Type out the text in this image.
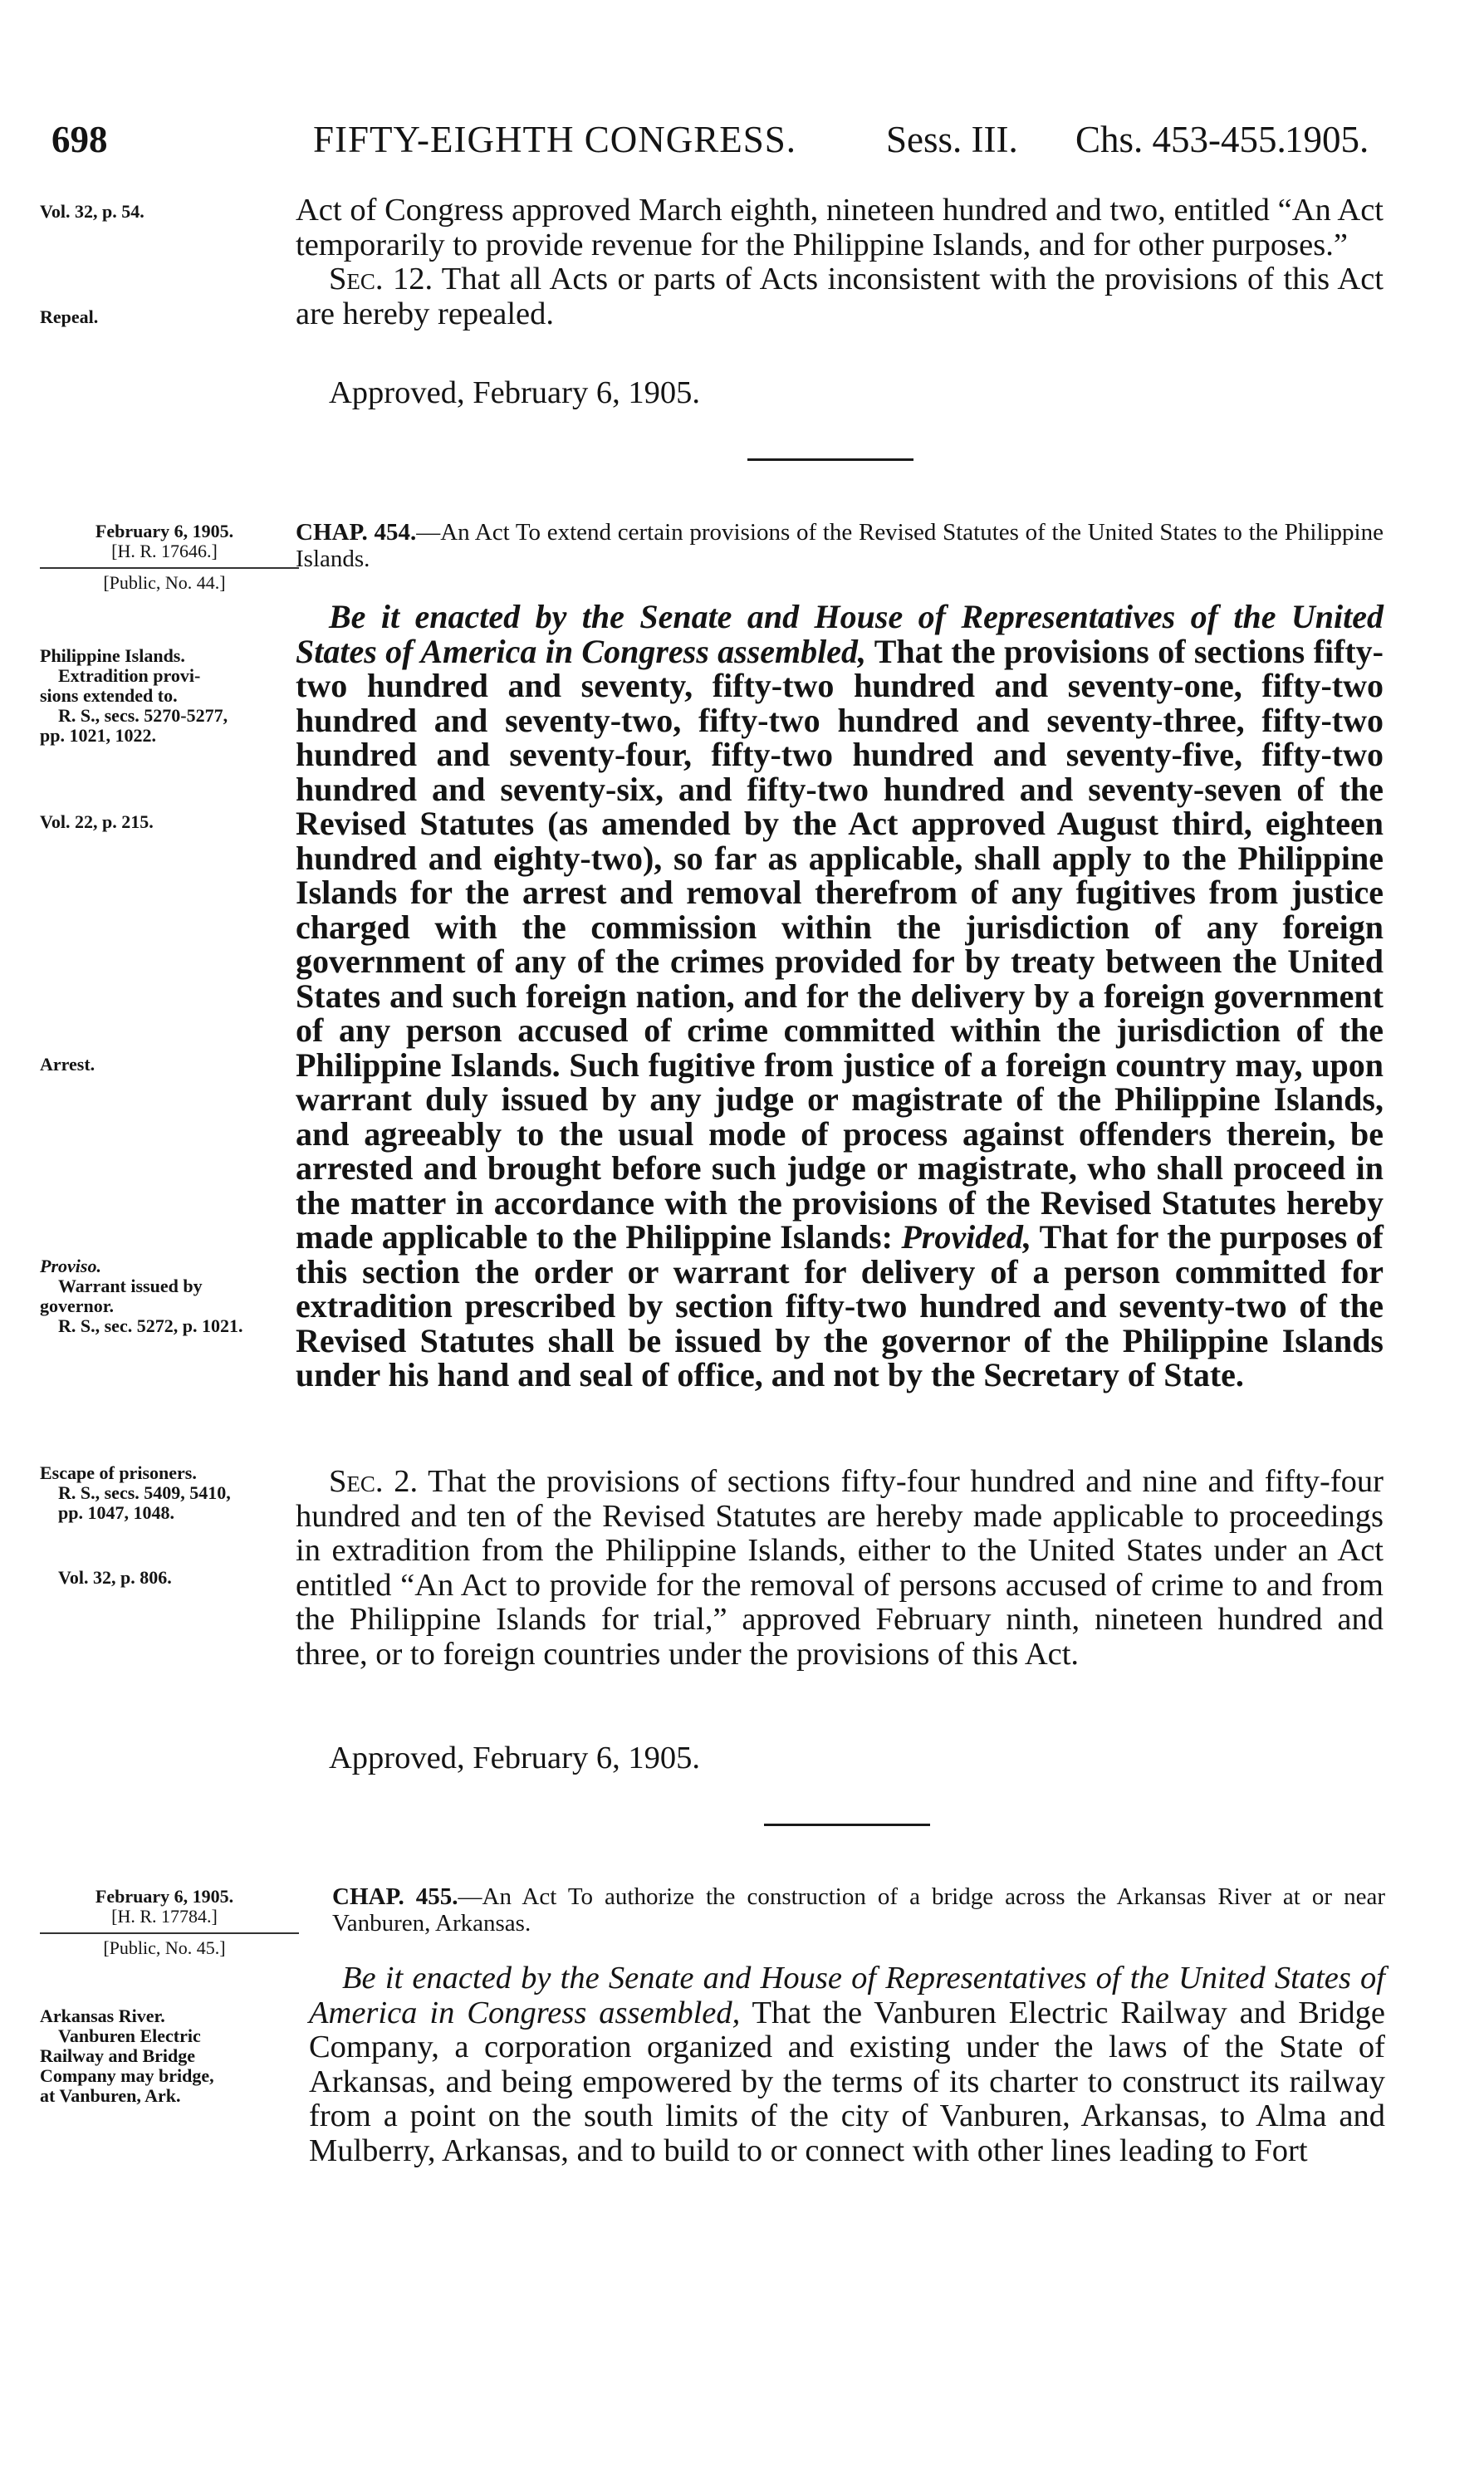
698	FIFTY-EIGHTH CONGRESS. Sess. III. Chs. 453-455.
1905.
Vol. 32, p. 54.
Repeal.

Act of Congress approved March eighth, nineteen hundred and two, entitled “An Act temporarily to provide revenue for the Philippine Islands, and for other purposes.”

Sec. 12. That all Acts or parts of Acts inconsistent with the provisions of this Act are hereby repealed.

Approved, February 6, 1905.
February 6, 1905.
[H. R. 17646.]
[Public, No. 44.]
Philippine Islands.
Extradition provi-
sions extended to.
R. S., secs. 5270-5277,
pp. 1021, 1022.
Vol. 22, p. 215.
Arrest.
Proviso.
Warrant issued by
governor.
R. S., sec. 5272, p. 1021.
Escape of prisoners.
R. S., secs. 5409, 5410,
pp. 1047, 1048.
Vol. 32, p. 806.
CHAP. 454.—An Act To extend certain provisions of the Revised Statutes of the United States to the Philippine Islands.
Be it enacted by the Senate and House of Representatives of the United States of America in Congress assembled, That the provisions of sections fifty-two hundred and seventy, fifty-two hundred and seventy-one, fifty-two hundred and seventy-two, fifty-two hundred and seventy-three, fifty-two hundred and seventy-four, fifty-two hundred and seventy-five, fifty-two hundred and seventy-six, and fifty-two hundred and seventy-seven of the Revised Statutes (as amended by the Act approved August third, eighteen hundred and eighty-two), so far as applicable, shall apply to the Philippine Islands for the arrest and removal therefrom of any fugitives from justice charged with the commission within the jurisdiction of any foreign government of any of the crimes provided for by treaty between the United States and such foreign nation, and for the delivery by a foreign government of any person accused of crime committed within the jurisdiction of the Philippine Islands. Such fugitive from justice of a foreign country may, upon warrant duly issued by any judge or magistrate of the Philippine Islands, and agreeably to the usual mode of process against offenders therein, be arrested and brought before such judge or magistrate, who shall proceed in the matter in accordance with the provisions of the Revised Statutes hereby made applicable to the Philippine Islands: Provided, That for the purposes of this section the order or warrant for delivery of a person committed for extradition prescribed by section fifty-two hundred and seventy-two of the Revised Statutes shall be issued by the governor of the Philippine Islands under his hand and seal of office, and not by the Secretary of State.

Sec. 2. That the provisions of sections fifty-four hundred and nine and fifty-four hundred and ten of the Revised Statutes are hereby made applicable to proceedings in extradition from the Philippine Islands, either to the United States under an Act entitled “An Act to provide for the removal of persons accused of crime to and from the Philippine Islands for trial,” approved February ninth, nineteen hundred and three, or to foreign countries under the provisions of this Act.

Approved, February 6, 1905.
February 6, 1905.
[H. R. 17784.]
[Public, No. 45.]
Arkansas River.
Vanburen Electric
Railway and Bridge
Company may bridge,
at Vanburen, Ark.
CHAP. 455.—An Act To authorize the construction of a bridge across the Arkansas River at or near Vanburen, Arkansas.

Be it enacted by the Senate and House of Representatives of the United States of America in Congress assembled, That the Vanburen Electric Railway and Bridge Company, a corporation organized and existing under the laws of the State of Arkansas, and being empowered by the terms of its charter to construct its railway from a point on the south limits of the city of Vanburen, Arkansas, to Alma and Mulberry, Arkansas, and to build to or connect with other lines leading to Fort
